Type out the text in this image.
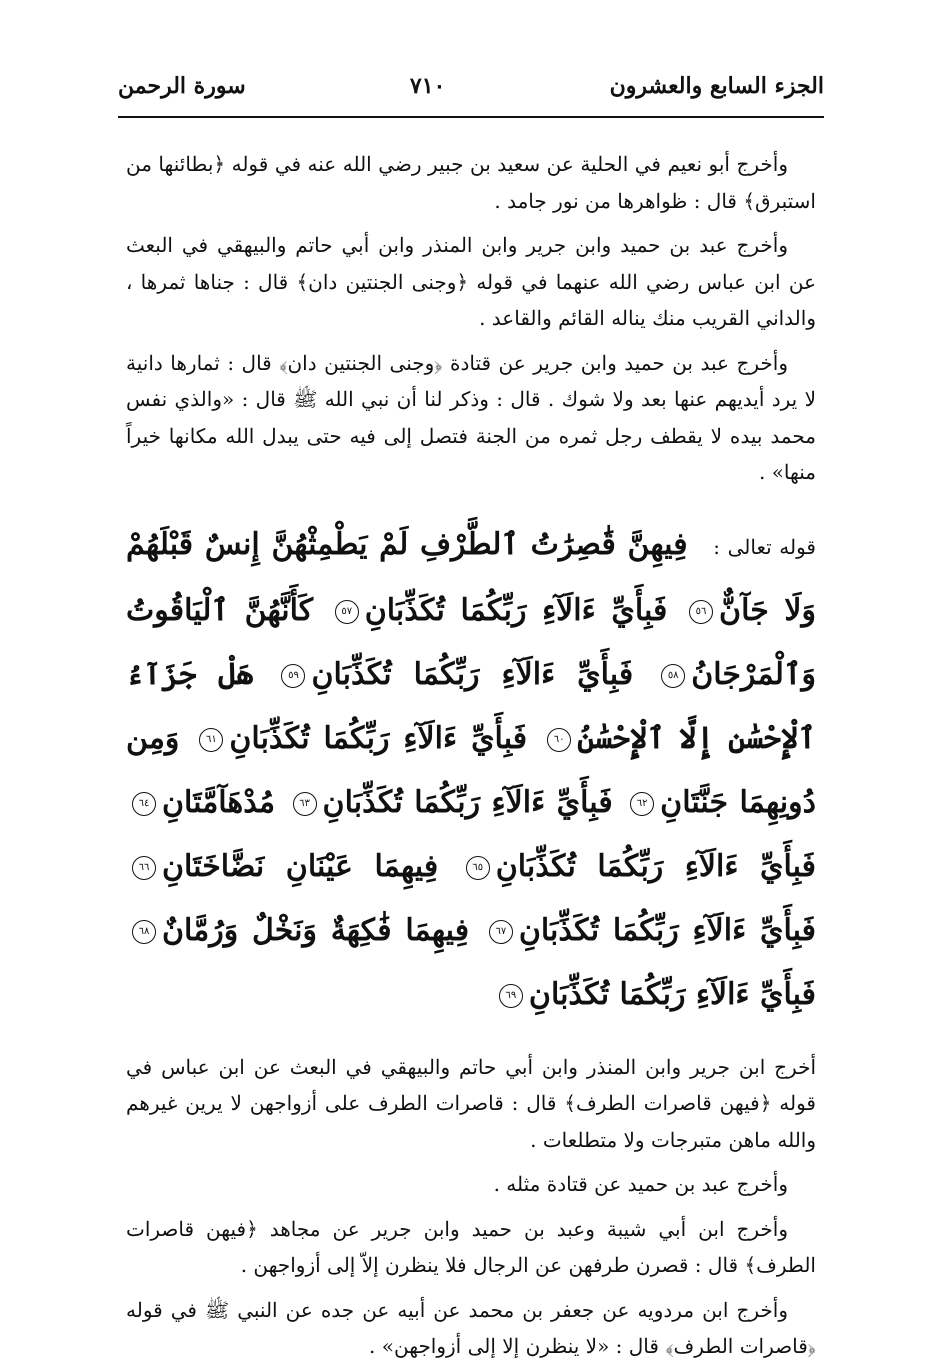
الجزء السابع والعشرون
٧١٠
سورة الرحمن

وأخرج أبو نعيم في الحلية عن سعيد بن جبير رضي الله عنه في قوله ﴿بطائنها من استبرق﴾ قال : ظواهرها من نور جامد .

وأخرج عبد بن حميد وابن جرير وابن المنذر وابن أبي حاتم والبيهقي في البعث عن ابن عباس رضي الله عنهما في قوله ﴿وجنى الجنتين دان﴾ قال : جناها ثمرها ، والداني القريب منك يناله القائم والقاعد .

وأخرج عبد بن حميد وابن جرير عن قتادة ﴿وجنى الجنتين دان﴾ قال : ثمارها دانية لا يرد أيديهم عنها بعد ولا شوك . قال : وذكر لنا أن نبي الله ﷺ قال : «والذي نفس محمد بيده لا يقطف رجل ثمره من الجنة فتصل إلى فيه حتى يبدل الله مكانها خيراً منها» .

قوله تعالى : فِيهِنَّ قَٰصِرَٰتُ ٱلطَّرْفِ لَمْ يَطْمِثْهُنَّ إِنسٌ قَبْلَهُمْ وَلَا جَآنٌّ٥٦ فَبِأَيِّ ءَالَآءِ رَبِّكُمَا تُكَذِّبَانِ٥٧ كَأَنَّهُنَّ ٱلْيَاقُوتُ وَٱلْمَرْجَانُ٥٨ فَبِأَيِّ ءَالَآءِ رَبِّكُمَا تُكَذِّبَانِ٥٩ هَلْ جَزَآءُ ٱلْإِحْسَٰنِ إِلَّا ٱلْإِحْسَٰنُ٦٠ فَبِأَيِّ ءَالَآءِ رَبِّكُمَا تُكَذِّبَانِ٦١ وَمِن دُونِهِمَا جَنَّتَانِ٦٢ فَبِأَيِّ ءَالَآءِ رَبِّكُمَا تُكَذِّبَانِ٦٣ مُدْهَآمَّتَانِ٦٤ فَبِأَيِّ ءَالَآءِ رَبِّكُمَا تُكَذِّبَانِ٦٥ فِيهِمَا عَيْنَانِ نَضَّاخَتَانِ٦٦ فَبِأَيِّ ءَالَآءِ رَبِّكُمَا تُكَذِّبَانِ٦٧ فِيهِمَا فَٰكِهَةٌ وَنَخْلٌ وَرُمَّانٌ٦٨ فَبِأَيِّ ءَالَآءِ رَبِّكُمَا تُكَذِّبَانِ٦٩

أخرج ابن جرير وابن المنذر وابن أبي حاتم والبيهقي في البعث عن ابن عباس في قوله ﴿فيهن قاصرات الطرف﴾ قال : قاصرات الطرف على أزواجهن لا يرين غيرهم والله ماهن متبرجات ولا متطلعات .

وأخرج عبد بن حميد عن قتادة مثله .

وأخرج ابن أبي شيبة وعبد بن حميد وابن جرير عن مجاهد ﴿فيهن قاصرات الطرف﴾ قال : قصرن طرفهن عن الرجال فلا ينظرن إلاّ إلى أزواجهن .

وأخرج ابن مردويه عن جعفر بن محمد عن أبيه عن جده عن النبي ﷺ في قوله ﴿قاصرات الطرف﴾ قال : «لا ينظرن إلا إلى أزواجهن» .
